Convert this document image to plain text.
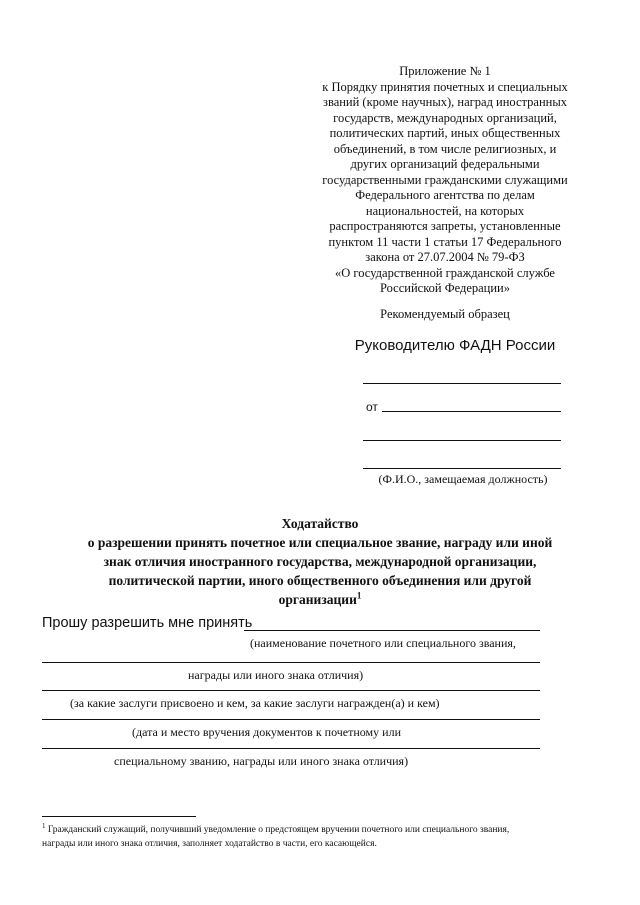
Приложение № 1
к Порядку принятия почетных и специальных
званий (кроме научных), наград иностранных
государств, международных организаций,
политических партий, иных общественных
объединений, в том числе религиозных, и
других организаций федеральными
государственными гражданскими служащими
Федерального агентства по делам
национальностей, на которых
распространяются запреты, установленные
пунктом 11 части 1 статьи 17 Федерального
закона от 27.07.2004 № 79-ФЗ
«О государственной гражданской службе
Российской Федерации»
Рекомендуемый образец
Руководителю ФАДН России
от
(Ф.И.О., замещаемая должность)
Ходатайство
о разрешении принять почетное или специальное звание, награду или иной
знак отличия иностранного государства, международной организации,
политической партии, иного общественного объединения или другой
организации$^1$
Прошу разрешить мне принять
(наименование почетного или специального звания,
награды или иного знака отличия)
(за какие заслуги присвоено и кем, за какие заслуги награжден(а) и кем)
(дата и место вручения документов к почетному или
специальному званию, награды или иного знака отличия)
$^1$ Гражданский служащий, получивший уведомление о предстоящем вручении почетного или специального звания,
награды или иного знака отличия, заполняет ходатайство в части, его касающейся.
